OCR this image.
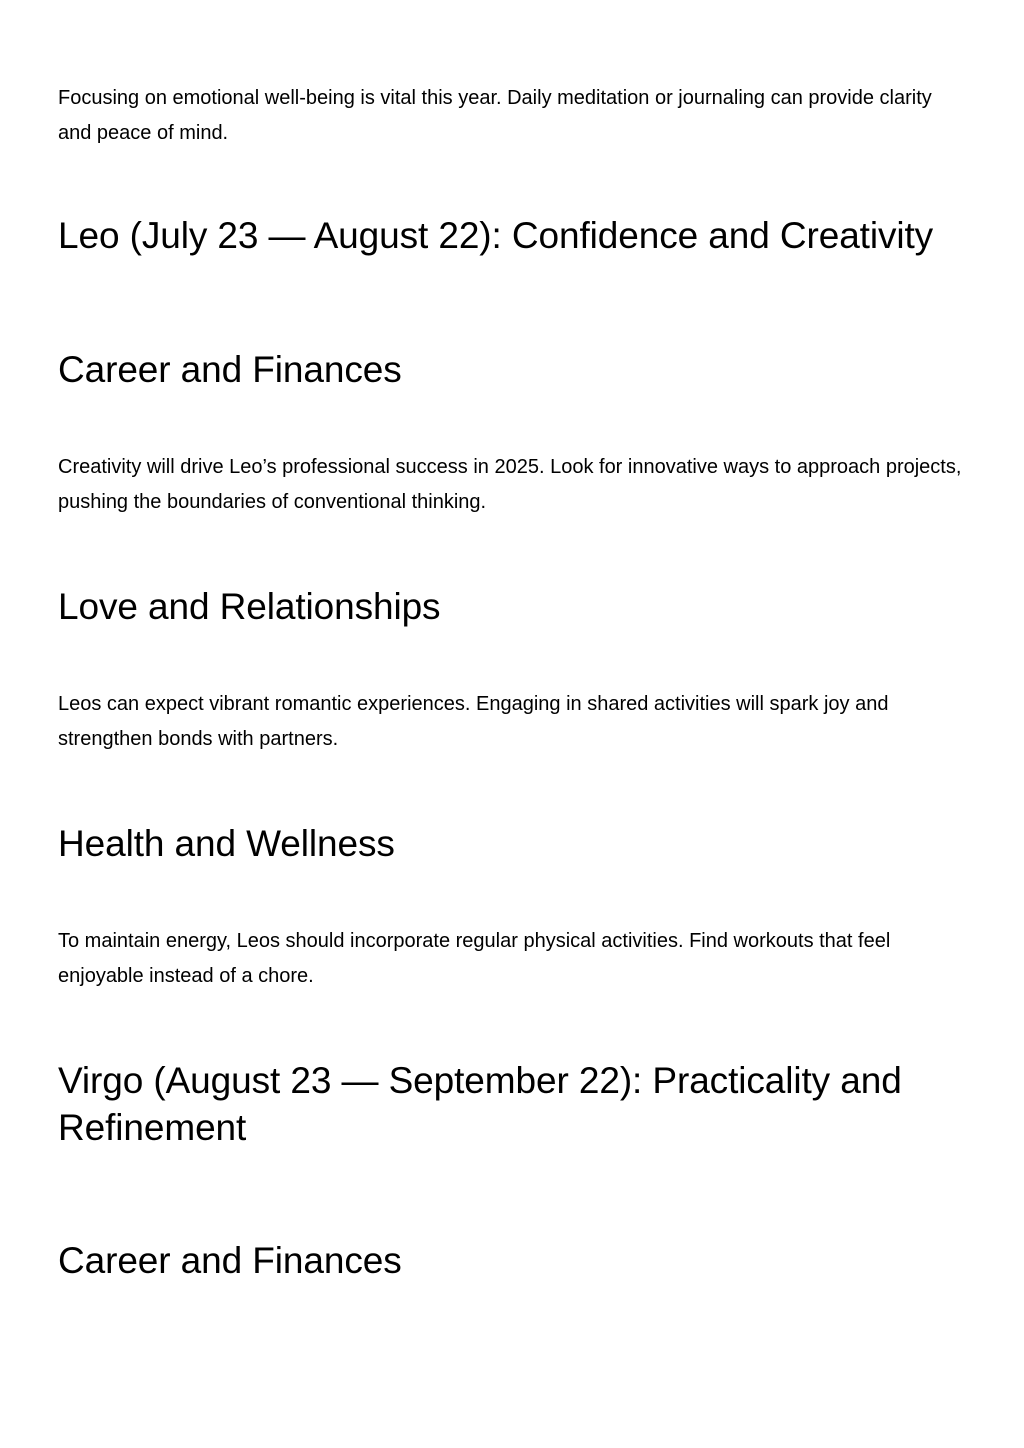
Focusing on emotional well-being is vital this year. Daily meditation or journaling can provide clarity and peace of mind.

Leo (July 23 — August 22): Confidence and Creativity
Career and Finances

Creativity will drive Leo’s professional success in 2025. Look for innovative ways to approach projects, pushing the boundaries of conventional thinking.

Love and Relationships

Leos can expect vibrant romantic experiences. Engaging in shared activities will spark joy and strengthen bonds with partners.

Health and Wellness

To maintain energy, Leos should incorporate regular physical activities. Find workouts that feel enjoyable instead of a chore.

Virgo (August 23 — September 22): Practicality and Refinement
Career and Finances
